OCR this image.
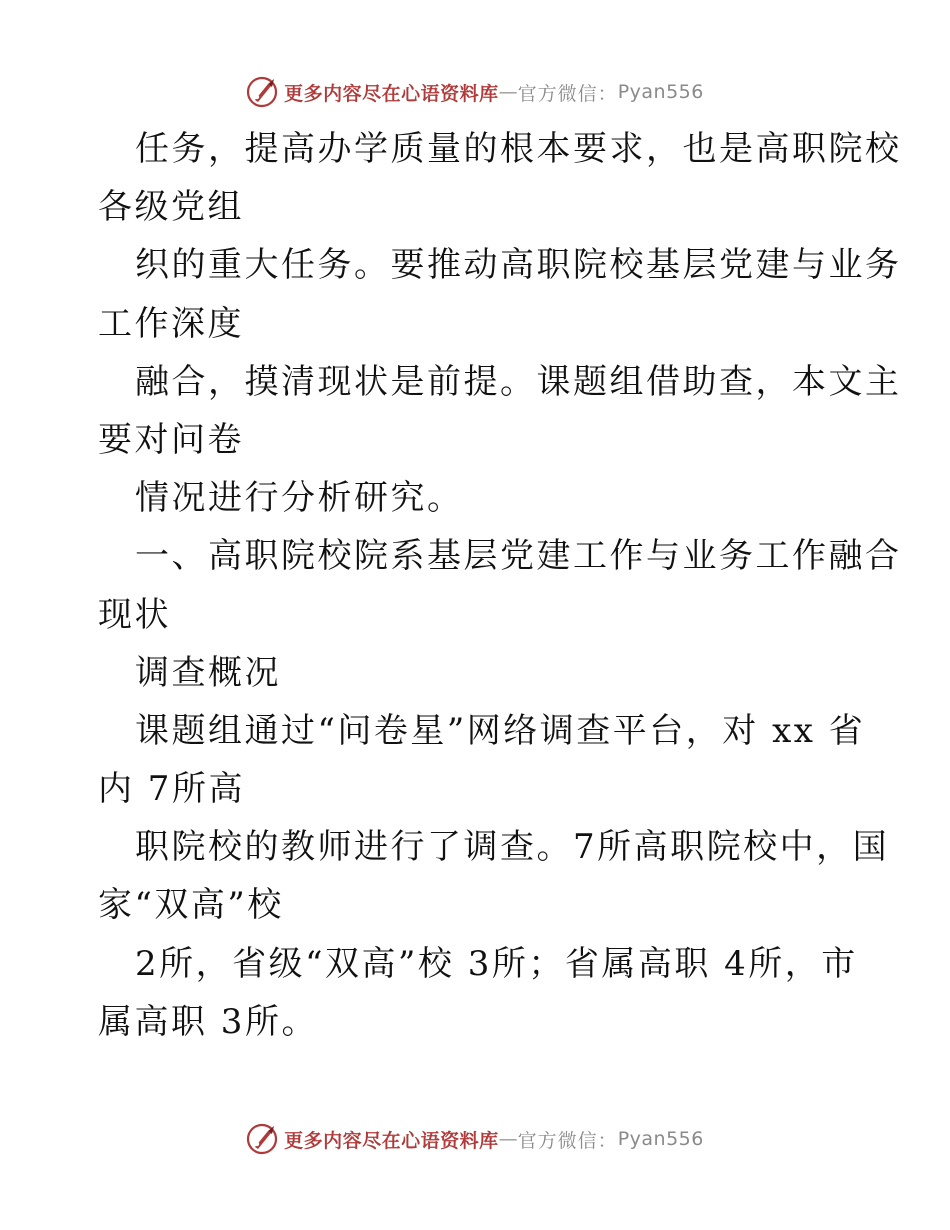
更多内容尽在心语资料库 — 官方微信： Pyan556
任务，提高办学质量的根本要求，也是高职院校
各级党组
织的重大任务。要推动高职院校基层党建与业务
工作深度
融合，摸清现状是前提。课题组借助查，本文主
要对问卷
情况进行分析研究。
一、高职院校院系基层党建工作与业务工作融合
现状
调查概况
课题组通过“问卷星”网络调查平台，对 xx 省
内 7所高
职院校的教师进行了调查。7所高职院校中，国
家“双高”校
2所，省级“双高”校 3所；省属高职 4所，市
属高职 3所。
更多内容尽在心语资料库 — 官方微信： Pyan556
